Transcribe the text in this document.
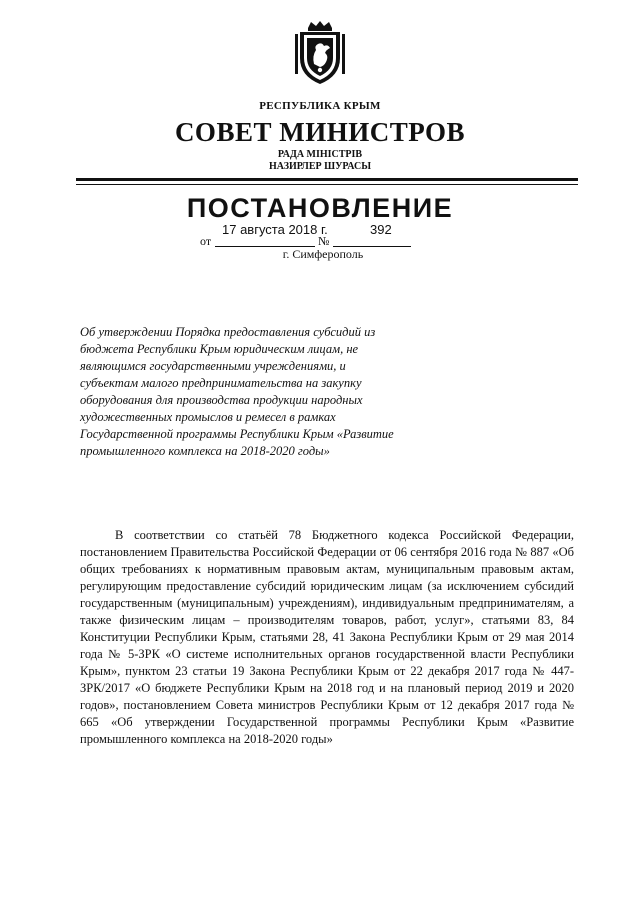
РЕСПУБЛИКА КРЫМ
СОВЕТ МИНИСТРОВ
РАДА МІНІСТРІВ
НАЗИРЛЕР ШУРАСЫ
ПОСТАНОВЛЕНИЕ
от
17 августа 2018 г.
№
392
г. Симферополь
Об утверждении Порядка предоставления субсидий из бюджета Республики Крым юридическим лицам, не являющимся государственными учреждениями, и субъектам малого предпринимательства на закупку оборудования для производства продукции народных художественных промыслов и ремесел в рамках Государственной программы Республики Крым «Развитие промышленного комплекса на 2018-2020 годы»
В соответствии со статьёй 78 Бюджетного кодекса Российской Федерации, постановлением Правительства Российской Федерации от 06 сентября 2016 года № 887 «Об общих требованиях к нормативным правовым актам, муниципальным правовым актам, регулирующим предоставление субсидий юридическим лицам (за исключением субсидий государственным (муниципальным) учреждениям), индивидуальным предпринимателям, а также физическим лицам – производителям товаров, работ, услуг», статьями 83, 84 Конституции Республики Крым, статьями 28, 41 Закона Республики Крым от 29 мая 2014 года № 5-ЗРК «О системе исполнительных органов государственной власти Республики Крым», пунктом 23 статьи 19 Закона Республики Крым от 22 декабря 2017 года № 447-ЗРК/2017 «О бюджете Республики Крым на 2018 год и на плановый период 2019 и 2020 годов», постановлением Совета министров Республики Крым от 12 декабря 2017 года № 665 «Об утверждении Государственной программы Республики Крым «Развитие промышленного комплекса на 2018-2020 годы»
